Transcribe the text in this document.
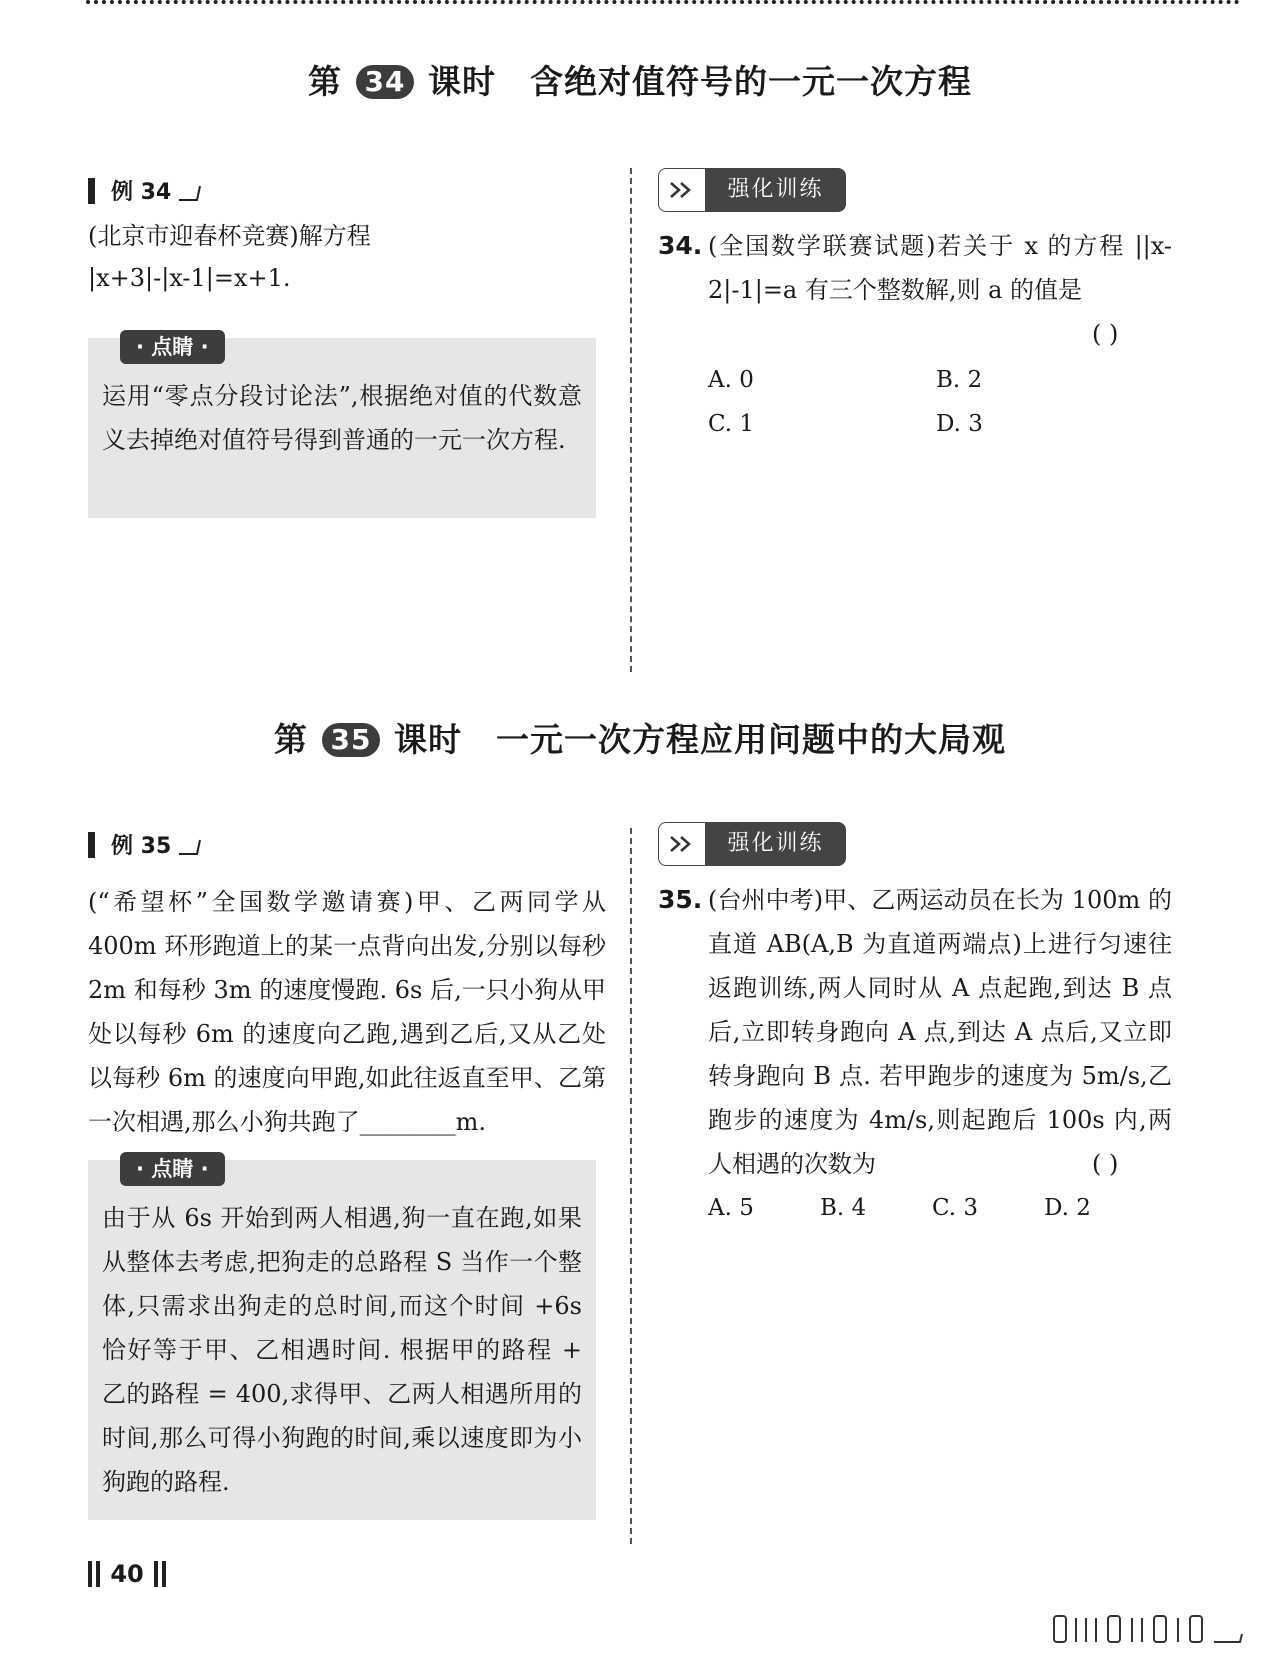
第 34 课时 含绝对值符号的一元一次方程
例 34

(北京市迎春杯竞赛)解方程

|x+3|-|x-1|=x+1.

· 点睛 ·

运用“零点分段讨论法”,根据绝对值的代数意义去掉绝对值符号得到普通的一元一次方程.

强化训练
34. (全国数学联赛试题)若关于 x 的方程 ||x-2|-1|=a 有三个整数解,则 a 的值是

( )
A. 0	B. 2
C. 1	D. 3
第 35 课时 一元一次方程应用问题中的大局观
例 35

(“希望杯”全国数学邀请赛)甲、乙两同学从400m 环形跑道上的某一点背向出发,分别以每秒 2m 和每秒 3m 的速度慢跑. 6s 后,一只小狗从甲处以每秒 6m 的速度向乙跑,遇到乙后,又从乙处以每秒 6m 的速度向甲跑,如此往返直至甲、乙第一次相遇,那么小狗共跑了________m.

· 点睛 ·

由于从 6s 开始到两人相遇,狗一直在跑,如果从整体去考虑,把狗走的总路程 S 当作一个整体,只需求出狗走的总时间,而这个时间 +6s 恰好等于甲、乙相遇时间. 根据甲的路程 + 乙的路程 = 400,求得甲、乙两人相遇所用的时间,那么可得小狗跑的时间,乘以速度即为小狗跑的路程.

强化训练
35. (台州中考)甲、乙两运动员在长为 100m 的直道 AB(A,B 为直道两端点)上进行匀速往返跑训练,两人同时从 A 点起跑,到达 B 点后,立即转身跑向 A 点,到达 A 点后,又立即转身跑向 B 点. 若甲跑步的速度为 5m/s,乙跑步的速度为 4m/s,则起跑后 100s 内,两人相遇的次数为	( )
A. 5	B. 4	C. 3	D. 2
40
